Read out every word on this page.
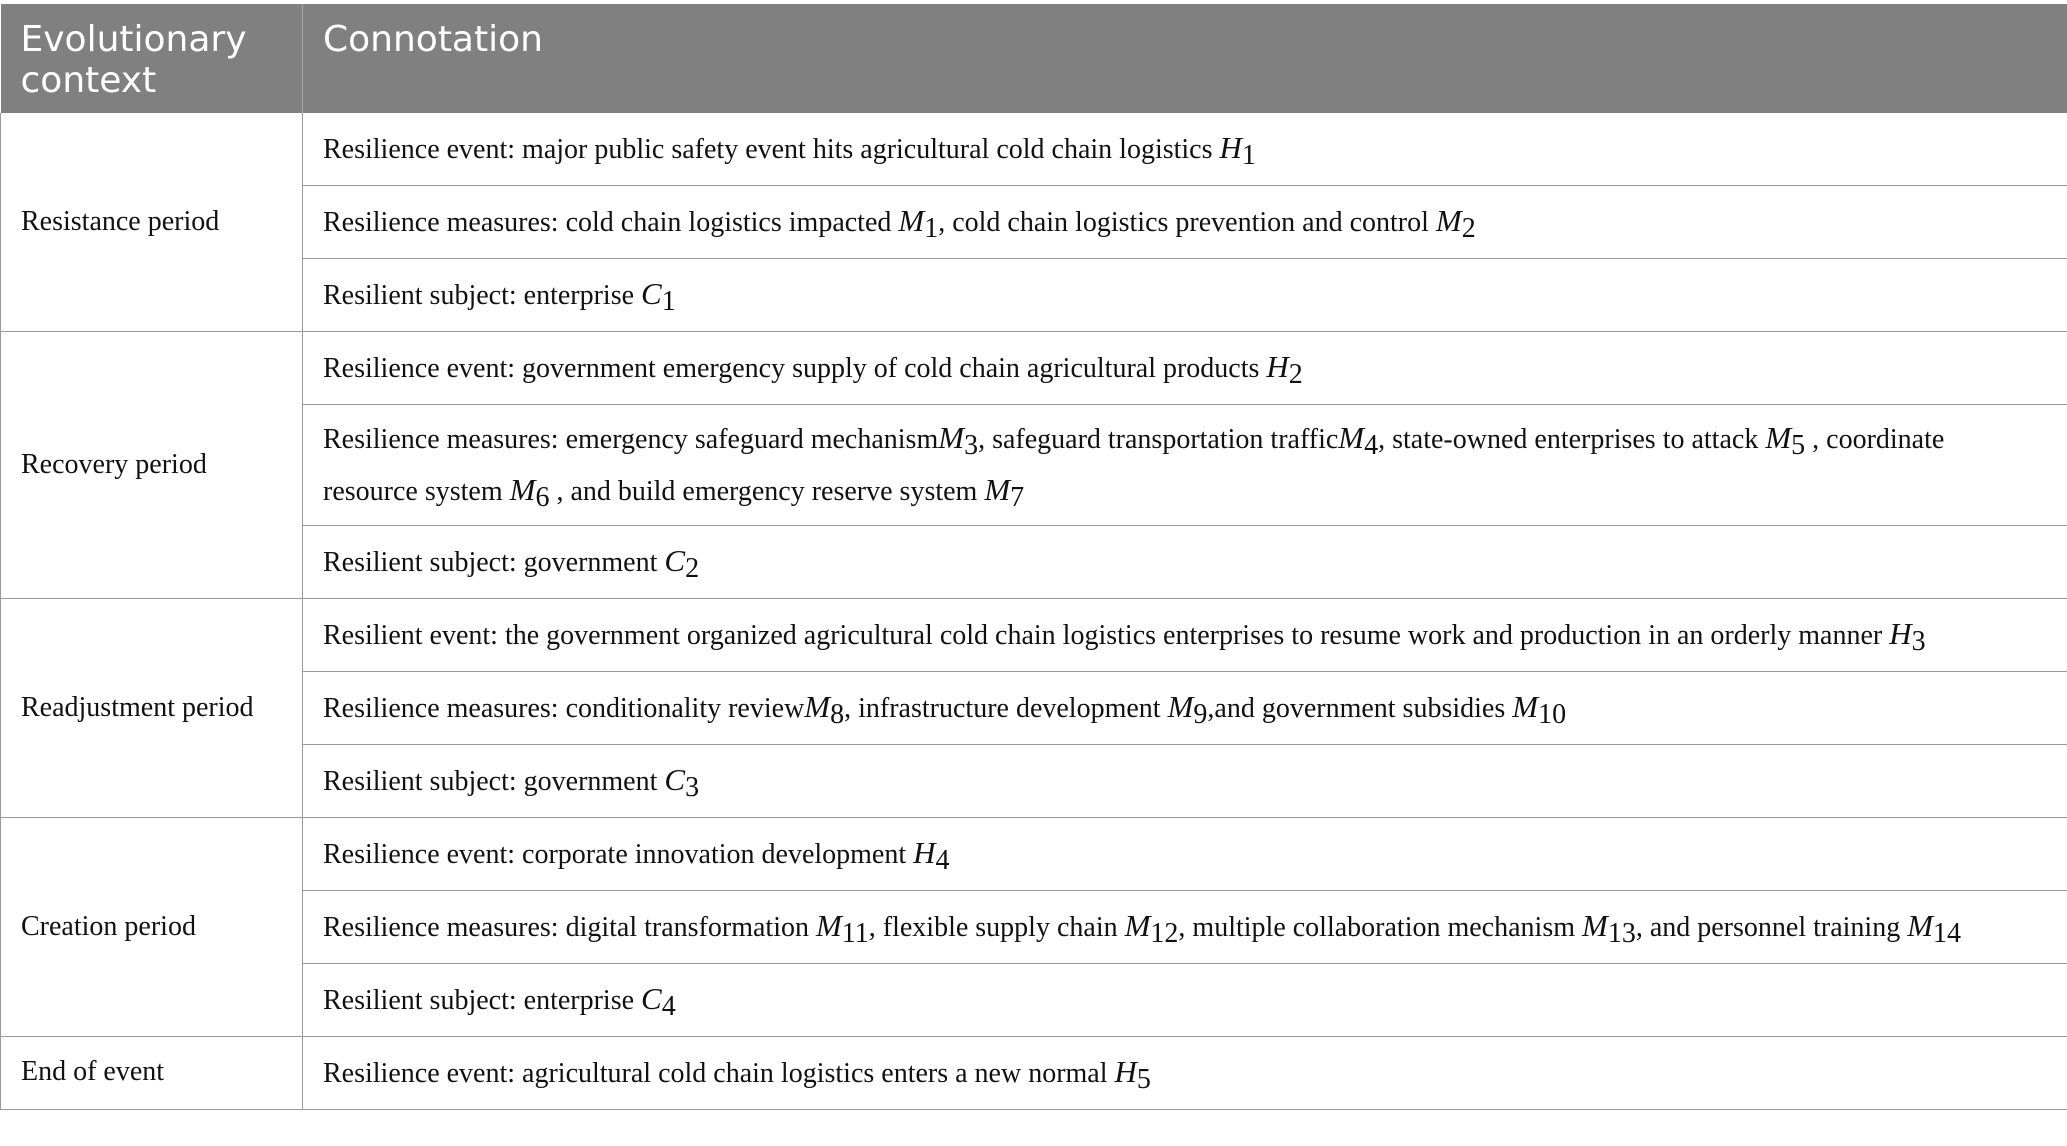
Evolutionary context	Connotation
Resistance period	Resilience event: major public safety event hits agricultural cold chain logistics H1
	Resilience measures: cold chain logistics impacted M1, cold chain logistics prevention and control M2
	Resilient subject: enterprise C1
Recovery period	Resilience event: government emergency supply of cold chain agricultural products H2
	Resilience measures: emergency safeguard mechanismM3, safeguard transportation trafficM4, state-owned enterprises to attack M5 , coordinate resource system M6 , and build emergency reserve system M7
	Resilient subject: government C2
Readjustment period	Resilient event: the government organized agricultural cold chain logistics enterprises to resume work and production in an orderly manner H3
	Resilience measures: conditionality reviewM8, infrastructure development M9,and government subsidies M10
	Resilient subject: government C3
Creation period	Resilience event: corporate innovation development H4
	Resilience measures: digital transformation M11, flexible supply chain M12, multiple collaboration mechanism M13, and personnel training M14
	Resilient subject: enterprise C4
End of event	Resilience event: agricultural cold chain logistics enters a new normal H5
